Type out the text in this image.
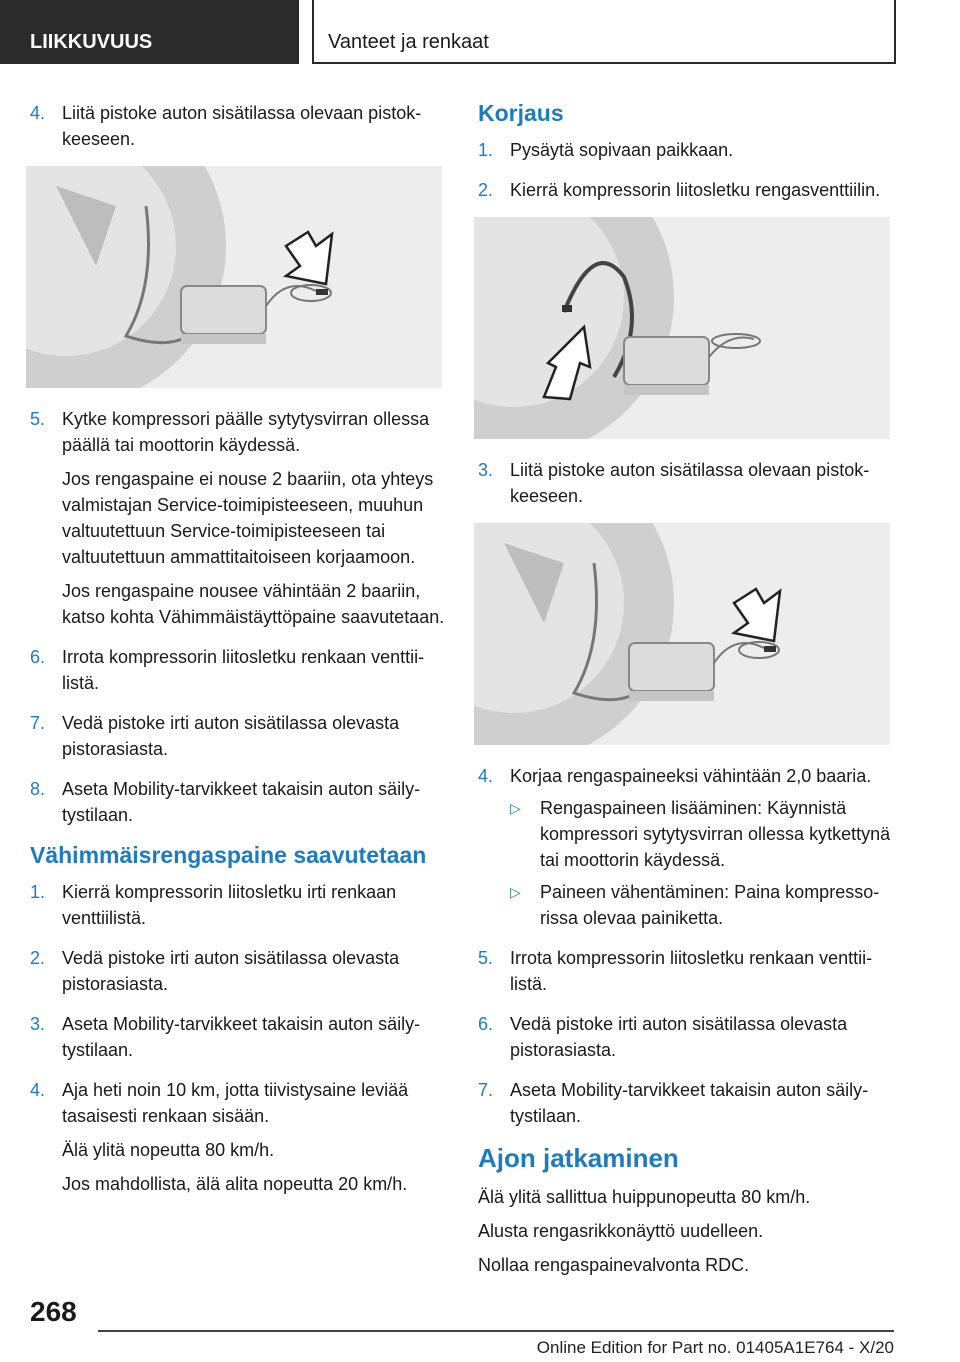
LIIKKUVUUS	Vanteet ja renkaat
4. Liitä pistoke auton sisätilassa olevaan pistokkeeseen.

5. Kytke kompressori päälle sytytysvirran ollessa päällä tai moottorin käydessä.

Jos rengaspaine ei nouse 2 baariin, ota yhteys valmistajan Service-toimipisteeseen, muuhun valtuutettuun Service-toimipisteeseen tai valtuutettuun ammattitaitoiseen korjaamoon.

Jos rengaspaine nousee vähintään 2 baariin, katso kohta Vähimmäistäyttöpaine saavutetaan.

6. Irrota kompressorin liitosletku renkaan venttiilistä.

7. Vedä pistoke irti auton sisätilassa olevasta pistorasiasta.

8. Aseta Mobility-tarvikkeet takaisin auton säilytystilaan.

Vähimmäisrengaspaine saavutetaan
1. Kierrä kompressorin liitosletku irti renkaan venttiilistä.

2. Vedä pistoke irti auton sisätilassa olevasta pistorasiasta.

3. Aseta Mobility-tarvikkeet takaisin auton säilytystilaan.

4. Aja heti noin 10 km, jotta tiivistysaine leviää tasaisesti renkaan sisään.

Älä ylitä nopeutta 80 km/h.

Jos mahdollista, älä alita nopeutta 20 km/h.

Korjaus
1. Pysäytä sopivaan paikkaan.

2. Kierrä kompressorin liitosletku rengasventtiilin.

3. Liitä pistoke auton sisätilassa olevaan pistokkeeseen.

4. Korjaa rengaspaineeksi vähintään 2,0 baaria.

▷ Rengaspaineen lisääminen: Käynnistä kompressori sytytysvirran ollessa kytkettynä tai moottorin käydessä.
▷ Paineen vähentäminen: Paina kompressorissa olevaa painiketta.
5. Irrota kompressorin liitosletku renkaan venttiilistä.

6. Vedä pistoke irti auton sisätilassa olevasta pistorasiasta.

7. Aseta Mobility-tarvikkeet takaisin auton säilytystilaan.

Ajon jatkaminen

Älä ylitä sallittua huippunopeutta 80 km/h.

Alusta rengasrikkonäyttö uudelleen.

Nollaa rengaspainevalvonta RDC.

268
Online Edition for Part no. 01405A1E764 - X/20
